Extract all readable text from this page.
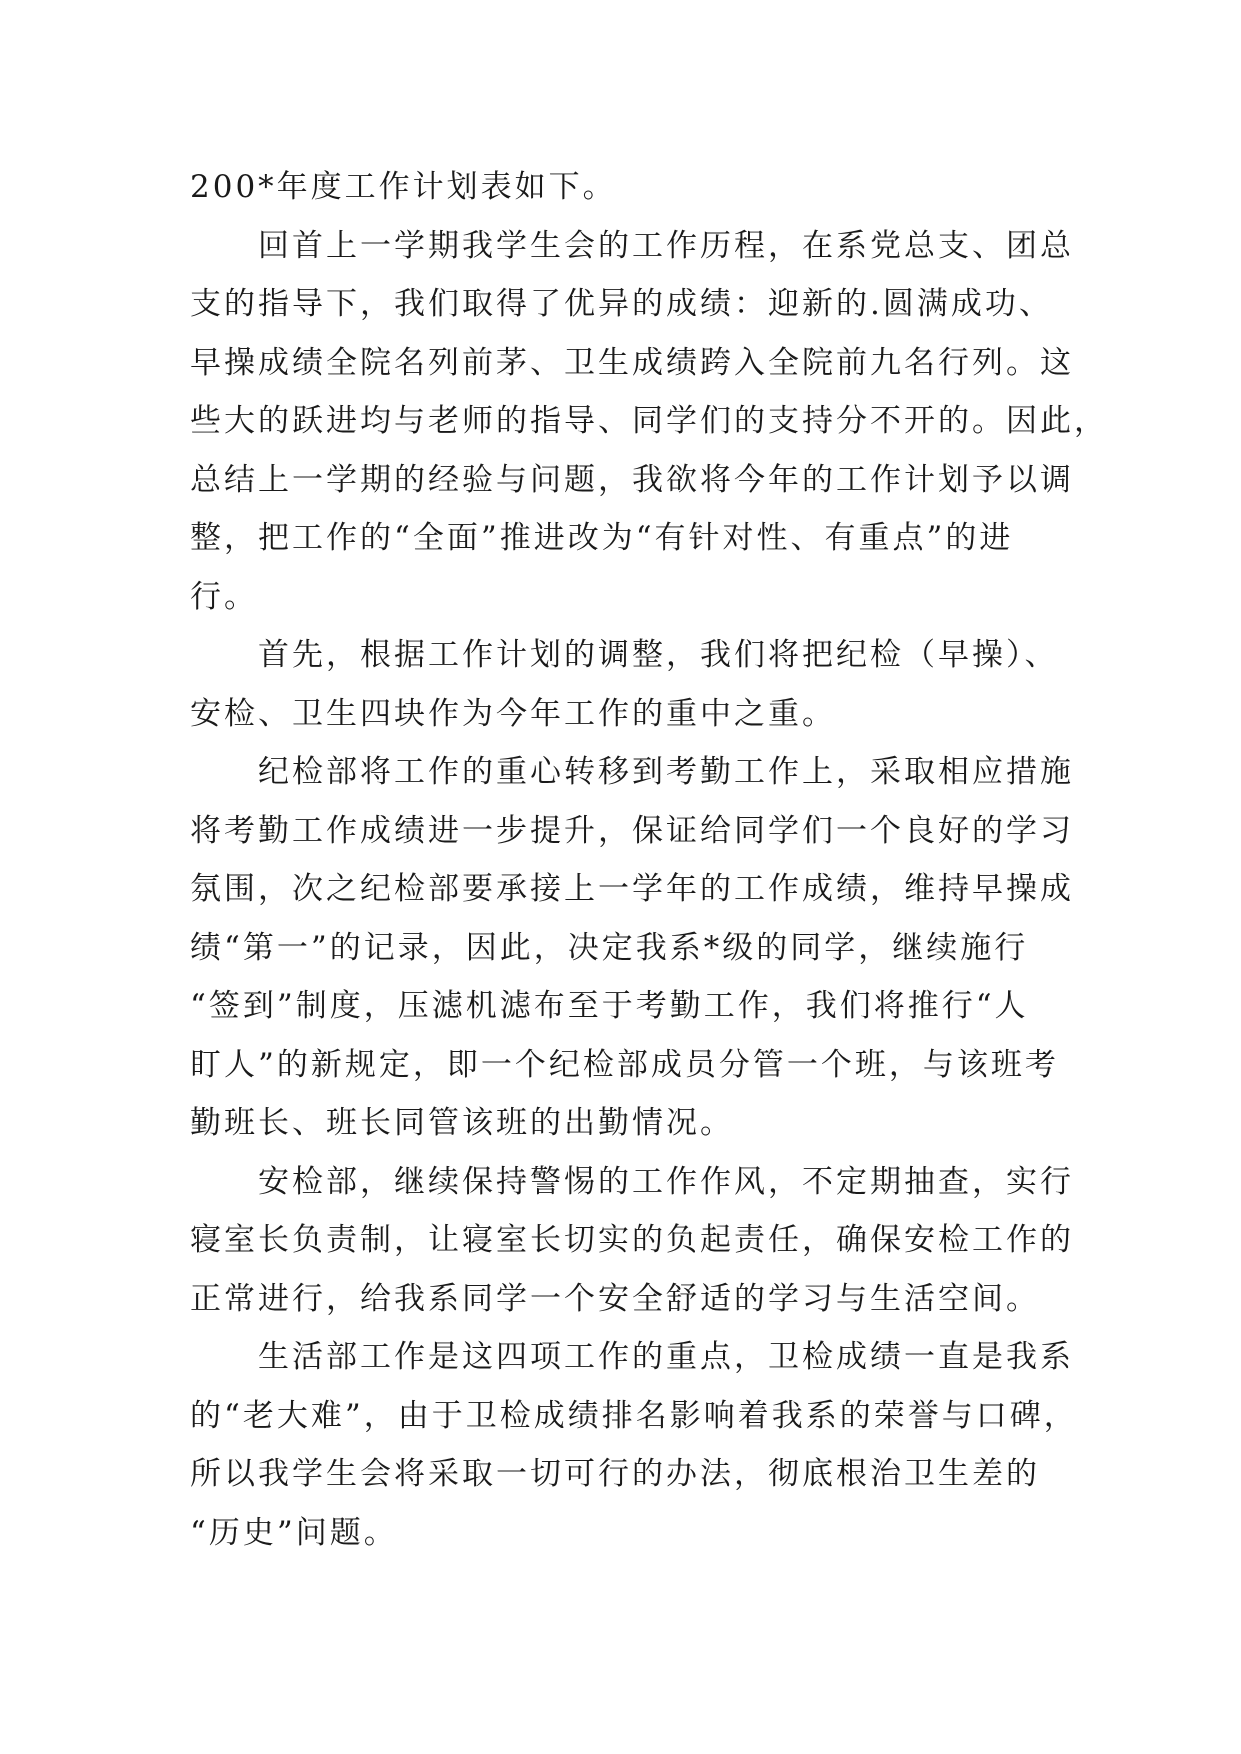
200*年度工作计划表如下。
回首上一学期我学生会的工作历程，在系党总支、团总
支的指导下，我们取得了优异的成绩：迎新的.圆满成功、
早操成绩全院名列前茅、卫生成绩跨入全院前九名行列。这
些大的跃进均与老师的指导、同学们的支持分不开的。因此，
总结上一学期的经验与问题，我欲将今年的工作计划予以调
整，把工作的“全面”推进改为“有针对性、有重点”的进
行。
首先，根据工作计划的调整，我们将把纪检（早操）、
安检、卫生四块作为今年工作的重中之重。
纪检部将工作的重心转移到考勤工作上，采取相应措施
将考勤工作成绩进一步提升，保证给同学们一个良好的学习
氛围，次之纪检部要承接上一学年的工作成绩，维持早操成
绩“第一”的记录，因此，决定我系*级的同学，继续施行
“签到”制度，压滤机滤布至于考勤工作，我们将推行“人
盯人”的新规定，即一个纪检部成员分管一个班，与该班考
勤班长、班长同管该班的出勤情况。
安检部，继续保持警惕的工作作风，不定期抽查，实行
寝室长负责制，让寝室长切实的负起责任，确保安检工作的
正常进行，给我系同学一个安全舒适的学习与生活空间。
生活部工作是这四项工作的重点，卫检成绩一直是我系
的“老大难”，由于卫检成绩排名影响着我系的荣誉与口碑，
所以我学生会将采取一切可行的办法，彻底根治卫生差的
“历史”问题。
